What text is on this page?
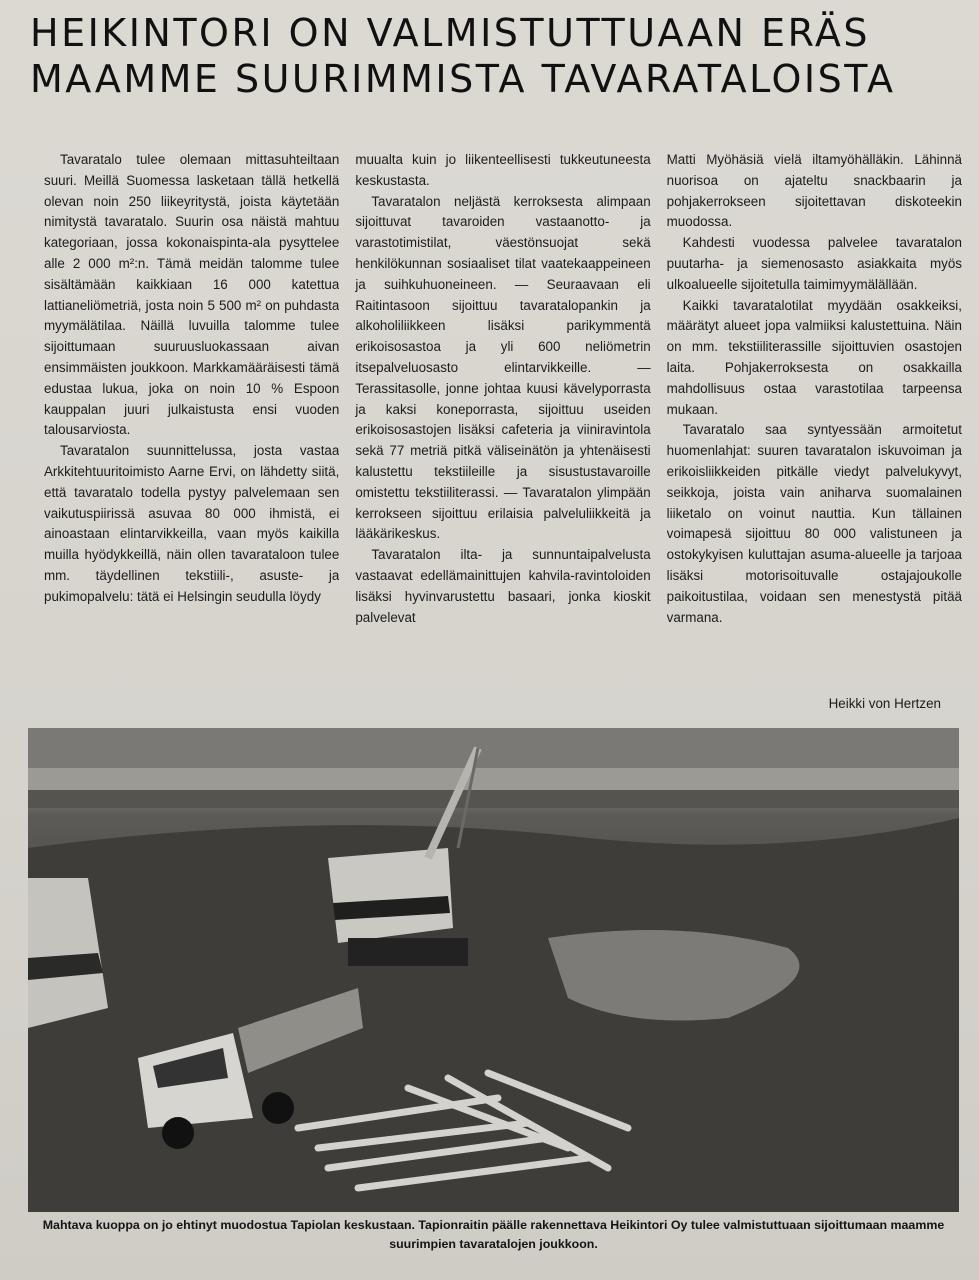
HEIKINTORI ON VALMISTUTTUAAN ERÄS
MAAMME SUURIMMISTA TAVARATALOISTA

Tavaratalo tulee olemaan mittasuhteiltaan suuri. Meillä Suomessa lasketaan tällä hetkellä olevan noin 250 liikeyritystä, joista käytetään nimitystä tavaratalo. Suurin osa näistä mahtuu kategoriaan, jossa kokonaispinta-ala pysyttelee alle 2 000 m²:n. Tämä meidän talomme tulee sisältämään kaikkiaan 16 000 katettua lattianeliömetriä, josta noin 5 500 m² on puhdasta myymälätilaa. Näillä luvuilla talomme tulee sijoittumaan suuruusluokassaan aivan ensimmäisten joukkoon. Markkamääräisesti tämä edustaa lukua, joka on noin 10 % Espoon kauppalan juuri julkaistusta ensi vuoden talousarviosta.

Tavaratalon suunnittelussa, josta vastaa Arkkitehtuuritoimisto Aarne Ervi, on lähdetty siitä, että tavaratalo todella pystyy palvelemaan sen vaikutuspiirissä asuvaa 80 000 ihmistä, ei ainoastaan elintarvikkeilla, vaan myös kaikilla muilla hyödykkeillä, näin ollen tavarataloon tulee mm. täydellinen tekstiili-, asuste- ja pukimopalvelu: tätä ei Helsingin seudulla löydy

muualta kuin jo liikenteellisesti tukkeutuneesta keskustasta.

Tavaratalon neljästä kerroksesta alimpaan sijoittuvat tavaroiden vastaanotto- ja varastotimistilat, väestönsuojat sekä henkilökunnan sosiaaliset tilat vaatekaappeineen ja suihkuhuoneineen. — Seuraavaan eli Raitintasoon sijoittuu tavaratalopankin ja alkoholiliikkeen lisäksi parikymmentä erikoisosastoa ja yli 600 neliömetrin itsepalveluosasto elintarvikkeille. — Terassitasolle, jonne johtaa kuusi kävelyporrasta ja kaksi koneporrasta, sijoittuu useiden erikoisosastojen lisäksi cafeteria ja viiniravintola sekä 77 metriä pitkä väliseinätön ja yhtenäisesti kalustettu tekstiileille ja sisustustavaroille omistettu tekstiiliterassi. — Tavaratalon ylimpään kerrokseen sijoittuu erilaisia palveluliikkeitä ja lääkärikeskus.

Tavaratalon ilta- ja sunnuntaipalvelusta vastaavat edellämainittujen kahvila-ravintoloiden lisäksi hyvinvarustettu basaari, jonka kioskit palvelevat

Matti Myöhäsiä vielä iltamyöhälläkin. Lähinnä nuorisoa on ajateltu snackbaarin ja pohjakerrokseen sijoitettavan diskoteekin muodossa.

Kahdesti vuodessa palvelee tavaratalon puutarha- ja siemenosasto asiakkaita myös ulkoalueelle sijoitetulla taimimyymälällään.

Kaikki tavaratalotilat myydään osakkeiksi, määrätyt alueet jopa valmiiksi kalustettuina. Näin on mm. tekstiiliterassille sijoittuvien osastojen laita. Pohjakerroksesta on osakkailla mahdollisuus ostaa varastotilaa tarpeensa mukaan.

Tavaratalo saa syntyessään armoitetut huomenlahjat: suuren tavaratalon iskuvoiman ja erikoisliikkeiden pitkälle viedyt palvelukyvyt, seikkoja, joista vain aniharva suomalainen liiketalo on voinut nauttia. Kun tällainen voimapesä sijoittuu 80 000 valistuneen ja ostokykyisen kuluttajan asuma-alueelle ja tarjoaa lisäksi motorisoituvalle ostajajoukolle paikoitustilaa, voidaan sen menestystä pitää varmana.

Heikki von Hertzen
Mahtava kuoppa on jo ehtinyt muodostua Tapiolan keskustaan. Tapionraitin päälle rakennettava Heikintori Oy tulee valmistuttuaan sijoittumaan maamme suurimpien tavaratalojen joukkoon.
